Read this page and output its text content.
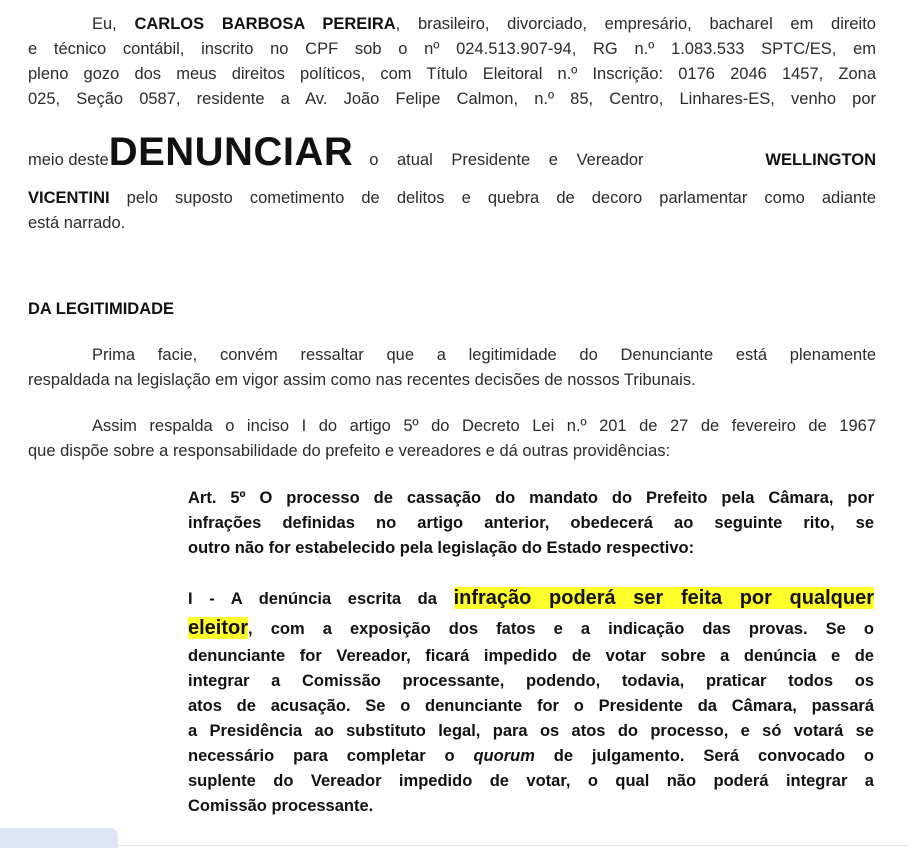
Eu, CARLOS BARBOSA PEREIRA, brasileiro, divorciado, empresário, bacharel em direito
e técnico contábil, inscrito no CPF sob o nº 024.513.907-94, RG n.º 1.083.533 SPTC/ES, em
pleno gozo dos meus direitos políticos, com Título Eleitoral n.º Inscrição: 0176 2046 1457, Zona
025, Seção 0587, residente a Av. João Felipe Calmon, n.º 85, Centro, Linhares-ES, venho por
meio deste DENUNCIAR o atual Presidente e Vereador	WELLINGTON
VICENTINI pelo suposto cometimento de delitos e quebra de decoro parlamentar como adiante
está narrado.
DA LEGITIMIDADE
Prima facie, convém ressaltar que a legitimidade do Denunciante está plenamente
respaldada na legislação em vigor assim como nas recentes decisões de nossos Tribunais.
Assim respalda o inciso I do artigo 5º do Decreto Lei n.º 201 de 27 de fevereiro de 1967
que dispõe sobre a responsabilidade do prefeito e vereadores e dá outras providências:
Art. 5º O processo de cassação do mandato do Prefeito pela Câmara, por
infrações definidas no artigo anterior, obedecerá ao seguinte rito, se
outro não for estabelecido pela legislação do Estado respectivo:
I - A denúncia escrita da infração poderá ser feita por qualquer
eleitor, com a exposição dos fatos e a indicação das provas. Se o
denunciante for Vereador, ficará impedido de votar sobre a denúncia e de
integrar a Comissão processante, podendo, todavia, praticar todos os
atos de acusação. Se o denunciante for o Presidente da Câmara, passará
a Presidência ao substituto legal, para os atos do processo, e só votará se
necessário para completar o quorum de julgamento. Será convocado o
suplente do Vereador impedido de votar, o qual não poderá integrar a
Comissão processante.
